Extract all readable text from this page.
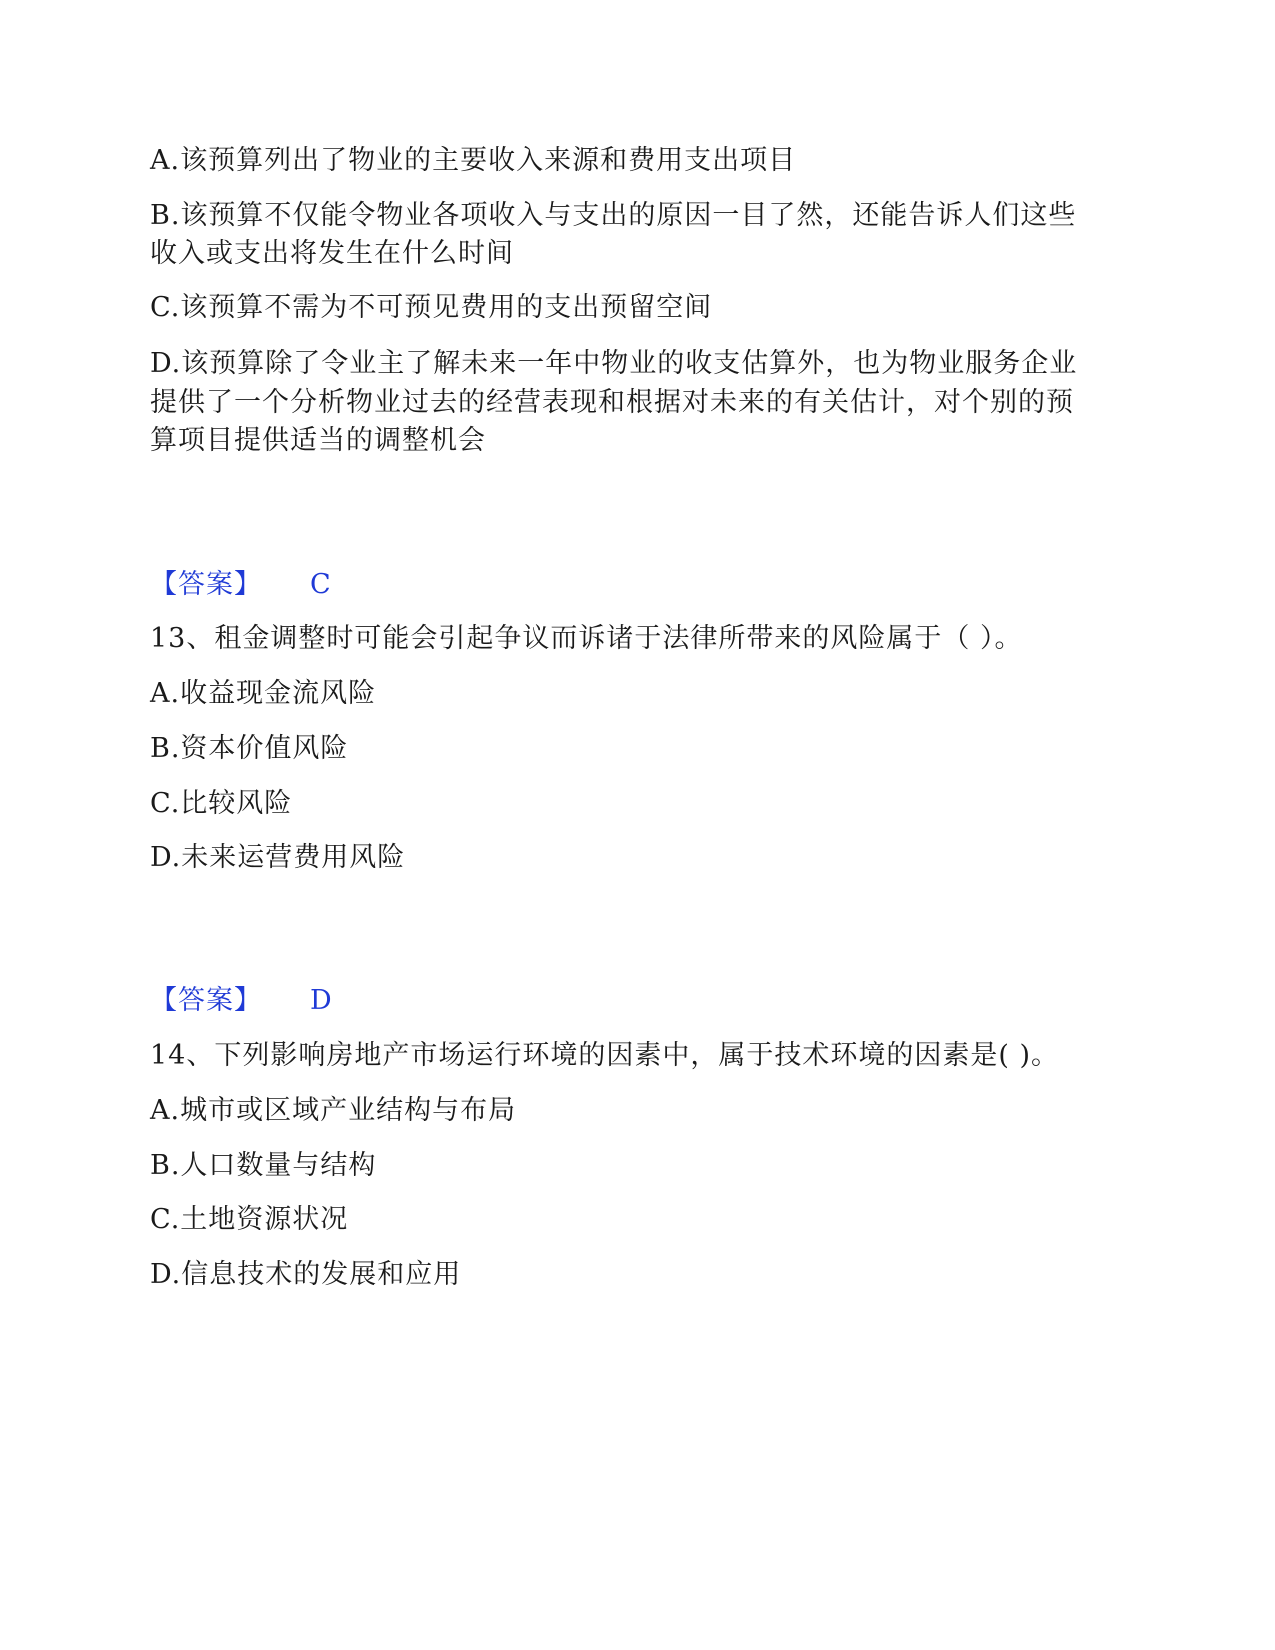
A.该预算列出了物业的主要收入来源和费用支出项目
B.该预算不仅能令物业各项收入与支出的原因一目了然，还能告诉人们这些
收入或支出将发生在什么时间
C.该预算不需为不可预见费用的支出预留空间
D.该预算除了令业主了解未来一年中物业的收支估算外，也为物业服务企业
提供了一个分析物业过去的经营表现和根据对未来的有关估计，对个别的预
算项目提供适当的调整机会
【答案】 C
13、租金调整时可能会引起争议而诉诸于法律所带来的风险属于（ ）。
A.收益现金流风险
B.资本价值风险
C.比较风险
D.未来运营费用风险
【答案】 D
14、下列影响房地产市场运行环境的因素中，属于技术环境的因素是( )。
A.城市或区域产业结构与布局
B.人口数量与结构
C.土地资源状况
D.信息技术的发展和应用
